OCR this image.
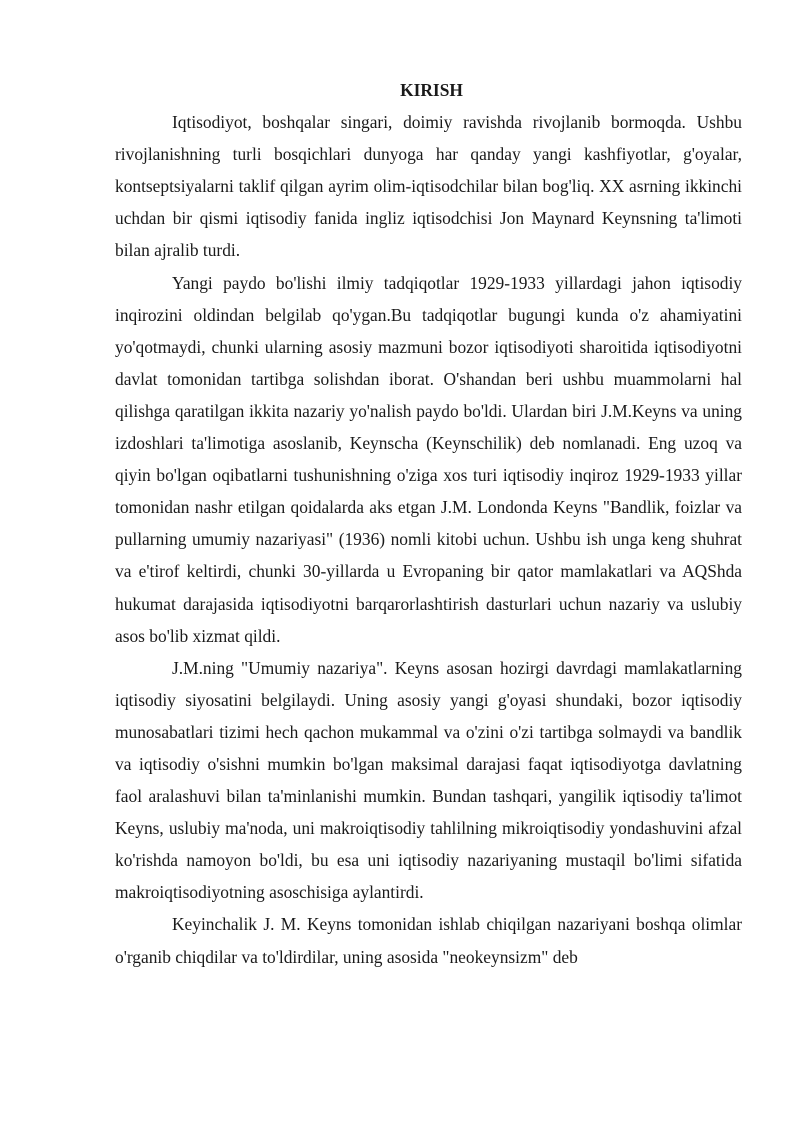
KIRISH

Iqtisodiyot, boshqalar singari, doimiy ravishda rivojlanib bormoqda. Ushbu rivojlanishning turli bosqichlari dunyoga har qanday yangi kashfiyotlar, g'oyalar, kontseptsiyalarni taklif qilgan ayrim olim-iqtisodchilar bilan bog'liq. XX asrning ikkinchi uchdan bir qismi iqtisodiy fanida ingliz iqtisodchisi Jon Maynard Keynsning ta'limoti bilan ajralib turdi.

Yangi paydo bo'lishi ilmiy tadqiqotlar 1929-1933 yillardagi jahon iqtisodiy inqirozini oldindan belgilab qo'ygan.Bu tadqiqotlar bugungi kunda o'z ahamiyatini yo'qotmaydi, chunki ularning asosiy mazmuni bozor iqtisodiyoti sharoitida iqtisodiyotni davlat tomonidan tartibga solishdan iborat. O'shandan beri ushbu muammolarni hal qilishga qaratilgan ikkita nazariy yo'nalish paydo bo'ldi. Ulardan biri J.M.Keyns va uning izdoshlari ta'limotiga asoslanib, Keynscha (Keynschilik) deb nomlanadi. Eng uzoq va qiyin bo'lgan oqibatlarni tushunishning o'ziga xos turi iqtisodiy inqiroz 1929-1933 yillar tomonidan nashr etilgan qoidalarda aks etgan J.M. Londonda Keyns "Bandlik, foizlar va pullarning umumiy nazariyasi" (1936) nomli kitobi uchun. Ushbu ish unga keng shuhrat va e'tirof keltirdi, chunki 30-yillarda u Evropaning bir qator mamlakatlari va AQShda hukumat darajasida iqtisodiyotni barqarorlashtirish dasturlari uchun nazariy va uslubiy asos bo'lib xizmat qildi.

J.M.ning "Umumiy nazariya". Keyns asosan hozirgi davrdagi mamlakatlarning iqtisodiy siyosatini belgilaydi. Uning asosiy yangi g'oyasi shundaki, bozor iqtisodiy munosabatlari tizimi hech qachon mukammal va o'zini o'zi tartibga solmaydi va bandlik va iqtisodiy o'sishni mumkin bo'lgan maksimal darajasi faqat iqtisodiyotga davlatning faol aralashuvi bilan ta'minlanishi mumkin. Bundan tashqari, yangilik iqtisodiy ta'limot Keyns, uslubiy ma'noda, uni makroiqtisodiy tahlilning mikroiqtisodiy yondashuvini afzal ko'rishda namoyon bo'ldi, bu esa uni iqtisodiy nazariyaning mustaqil bo'limi sifatida makroiqtisodiyotning asoschisiga aylantirdi.

Keyinchalik J. M. Keyns tomonidan ishlab chiqilgan nazariyani boshqa olimlar o'rganib chiqdilar va to'ldirdilar, uning asosida "neokeynsizm" deb
